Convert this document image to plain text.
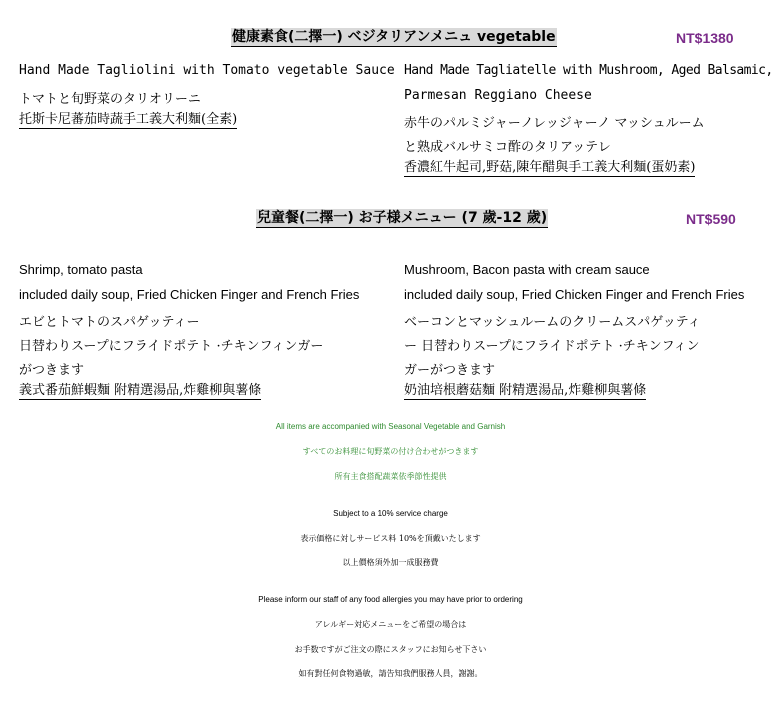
健康素食(二擇一) ベジタリアンメニュ vegetable	NT$1380
Hand Made Tagliolini with Tomato vegetable Sauce
トマトと旬野菜のタリオリーニ
托斯卡尼蕃茄時蔬手工義大利麵(全素)
Hand Made Tagliatelle with Mushroom, Aged Balsamic,
Parmesan Reggiano Cheese
赤牛のパルミジャーノレッジャーノ マッシュルーム
と熟成バルサミコ酢のタリアッテレ
香濃紅牛起司,野菇,陳年醋與手工義大利麵(蛋奶素)
兒童餐(二擇一) お子様メニュー (7 歲-12 歲)	NT$590
Shrimp, tomato pasta
included daily soup, Fried Chicken Finger and French Fries
エビとトマトのスパゲッティー
日替わりスープにフライドポテト ·チキンフィンガー
がつきます
義式番茄鮮蝦麵 附精選湯品,炸雞柳與薯條
Mushroom, Bacon pasta with cream sauce
included daily soup, Fried Chicken Finger and French Fries
ベーコンとマッシュルームのクリームスパゲッティ
ー 日替わりスープにフライドポテト ·チキンフィン
ガーがつきます
奶油培根蘑菇麵 附精選湯品,炸雞柳與薯條
All items are accompanied with Seasonal Vegetable and Garnish
すべてのお料理に旬野菜の付け合わせがつきます
所有主食搭配蔬菜依季節性提供
Subject to a 10% service charge
表示価格に対しサービス料 10%を頂戴いたします
以上價格須外加一成服務費
Please inform our staff of any food allergies you may have prior to ordering
アレルギー対応メニューをご希望の場合は
お手数ですがご注文の際にスタッフにお知らせ下さい
如有對任何食物過敏，請告知我們服務人員，謝謝。
